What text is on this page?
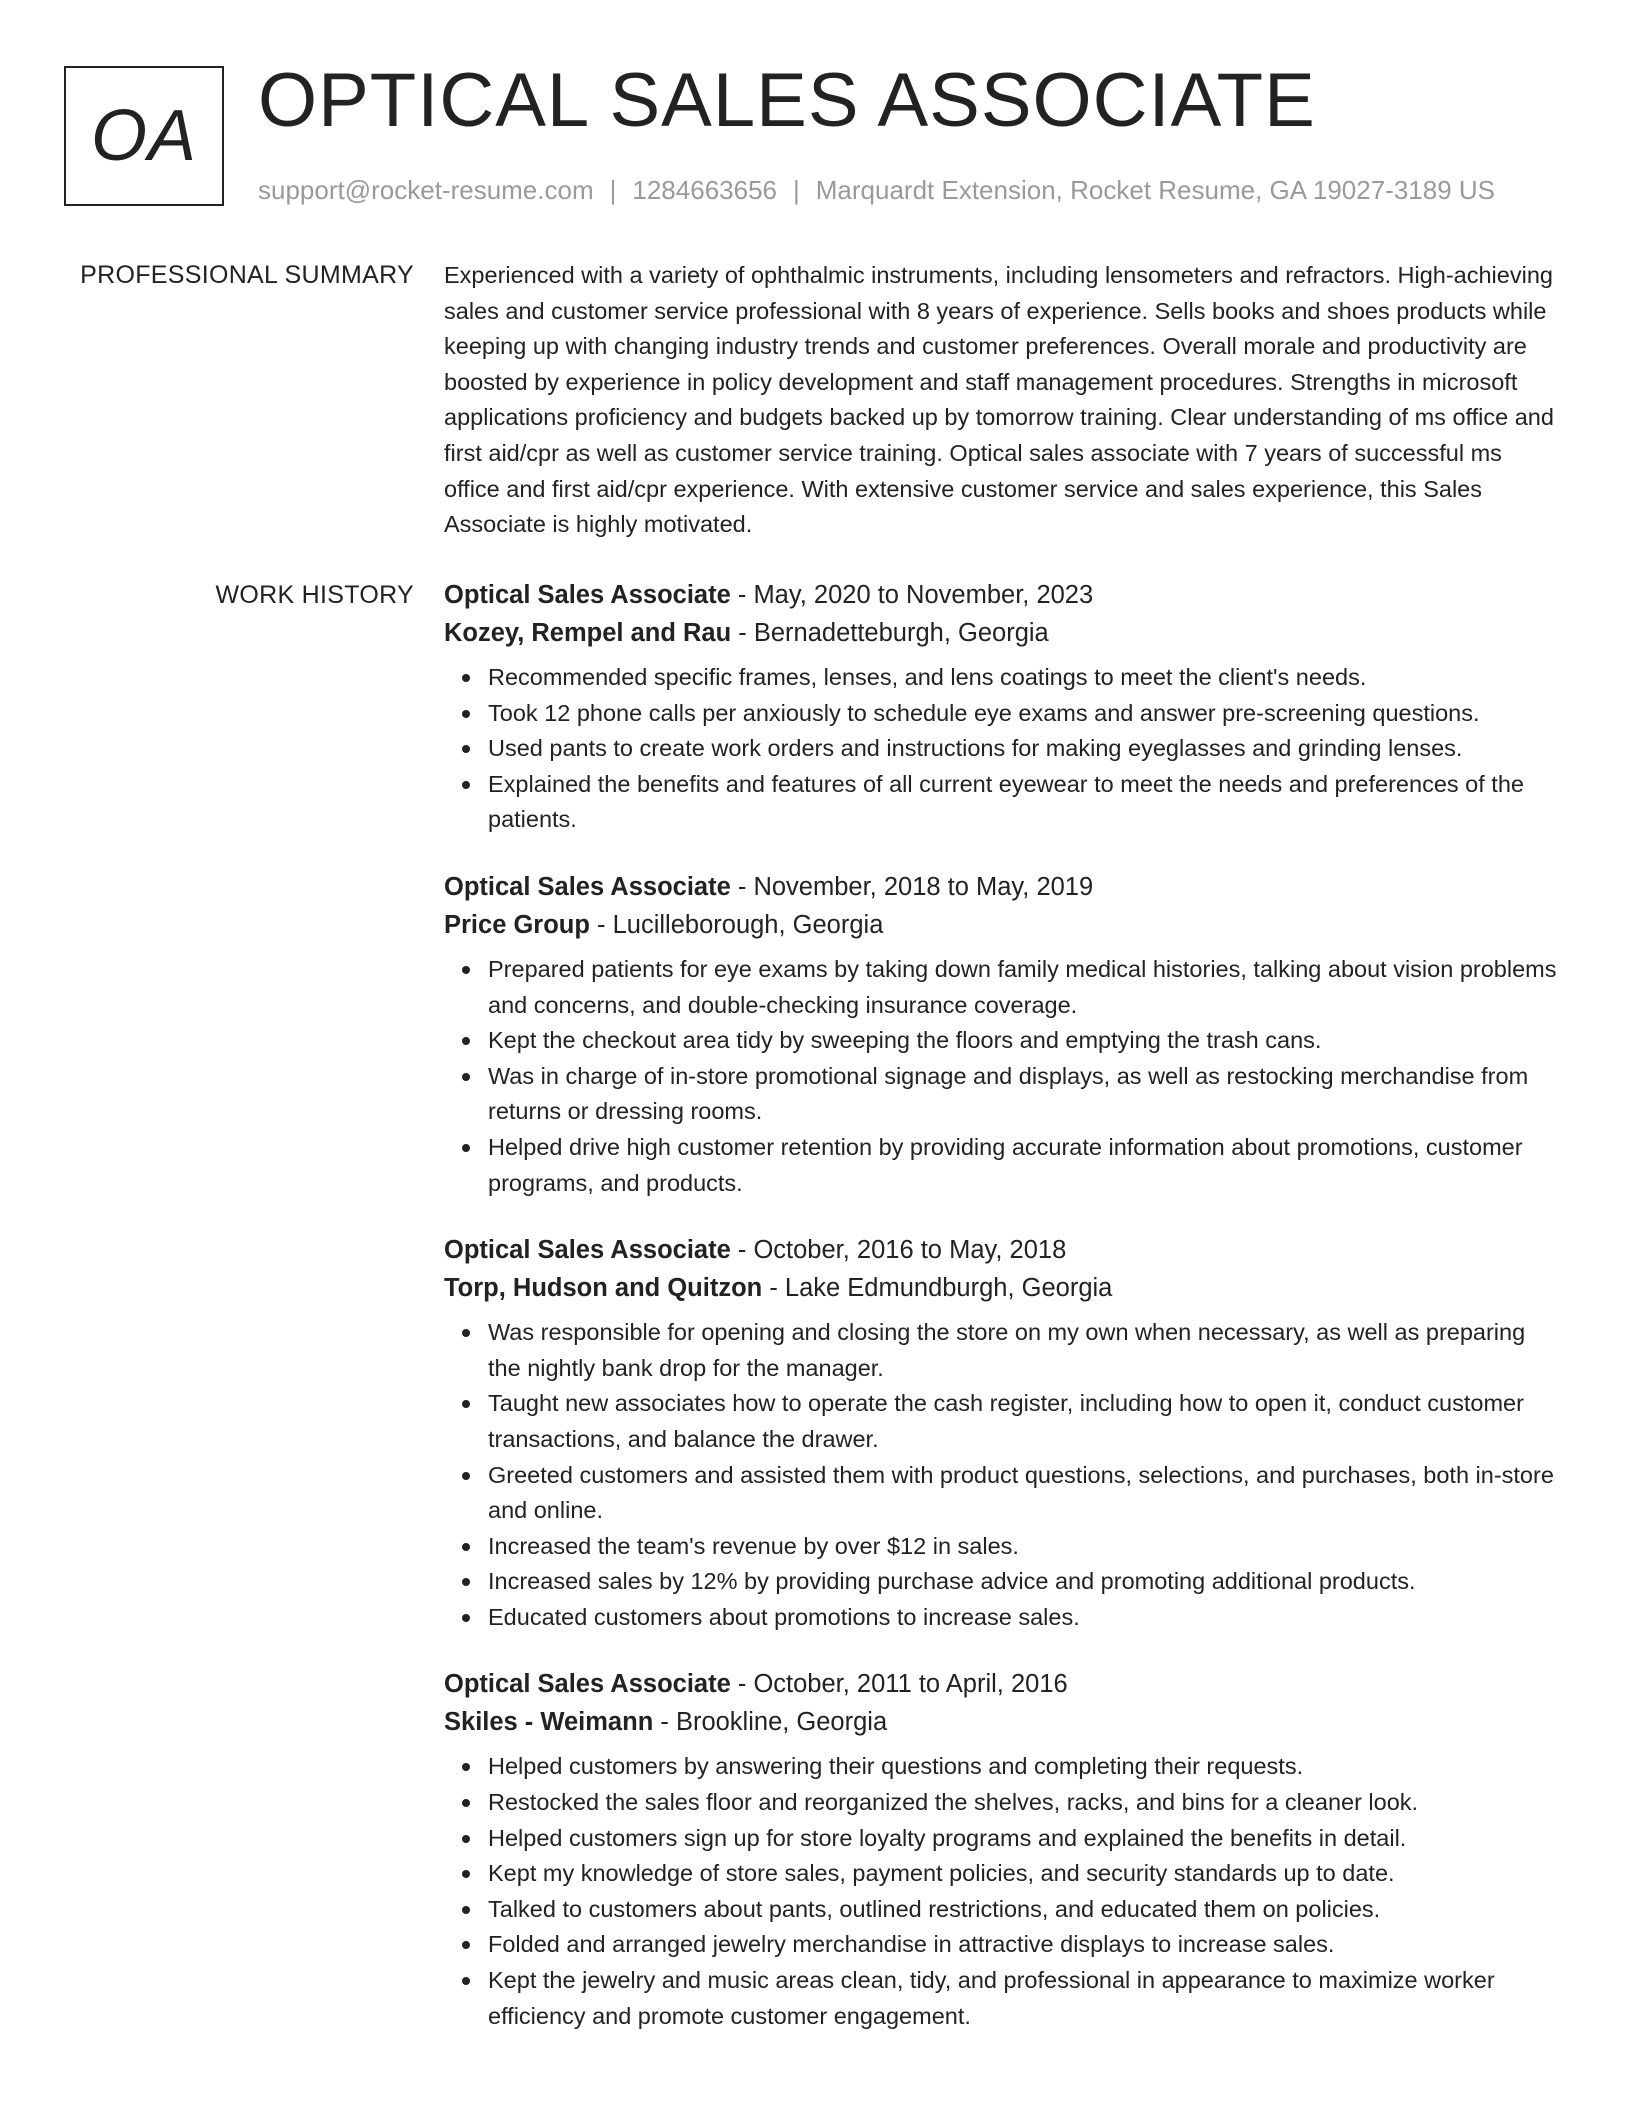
OA OPTICAL SALES ASSOCIATE
support@rocket-resume.com | 1284663656 | Marquardt Extension, Rocket Resume, GA 19027-3189 US
PROFESSIONAL SUMMARY Experienced with a variety of ophthalmic instruments, including lensometers and refractors. High-achieving sales and customer service professional with 8 years of experience. Sells books and shoes products while keeping up with changing industry trends and customer preferences. Overall morale and productivity are boosted by experience in policy development and staff management procedures. Strengths in microsoft applications proficiency and budgets backed up by tomorrow training. Clear understanding of ms office and first aid/cpr as well as customer service training. Optical sales associate with 7 years of successful ms office and first aid/cpr experience. With extensive customer service and sales experience, this Sales Associate is highly motivated.
WORK HISTORY Optical Sales Associate - May, 2020 to November, 2023

Kozey, Rempel and Rau - Bernadetteburgh, Georgia

Recommended specific frames, lenses, and lens coatings to meet the client's needs.
Took 12 phone calls per anxiously to schedule eye exams and answer pre-screening questions.
Used pants to create work orders and instructions for making eyeglasses and grinding lenses.
Explained the benefits and features of all current eyewear to meet the needs and preferences of the patients.

Optical Sales Associate - November, 2018 to May, 2019

Price Group - Lucilleborough, Georgia

Prepared patients for eye exams by taking down family medical histories, talking about vision problems and concerns, and double-checking insurance coverage.
Kept the checkout area tidy by sweeping the floors and emptying the trash cans.
Was in charge of in-store promotional signage and displays, as well as restocking merchandise from returns or dressing rooms.
Helped drive high customer retention by providing accurate information about promotions, customer programs, and products.

Optical Sales Associate - October, 2016 to May, 2018

Torp, Hudson and Quitzon - Lake Edmundburgh, Georgia

Was responsible for opening and closing the store on my own when necessary, as well as preparing the nightly bank drop for the manager.
Taught new associates how to operate the cash register, including how to open it, conduct customer transactions, and balance the drawer.
Greeted customers and assisted them with product questions, selections, and purchases, both in-store and online.
Increased the team's revenue by over $12 in sales.
Increased sales by 12% by providing purchase advice and promoting additional products.
Educated customers about promotions to increase sales.

Optical Sales Associate - October, 2011 to April, 2016

Skiles - Weimann - Brookline, Georgia

Helped customers by answering their questions and completing their requests.
Restocked the sales floor and reorganized the shelves, racks, and bins for a cleaner look.
Helped customers sign up for store loyalty programs and explained the benefits in detail.
Kept my knowledge of store sales, payment policies, and security standards up to date.
Talked to customers about pants, outlined restrictions, and educated them on policies.
Folded and arranged jewelry merchandise in attractive displays to increase sales.
Kept the jewelry and music areas clean, tidy, and professional in appearance to maximize worker efficiency and promote customer engagement.
